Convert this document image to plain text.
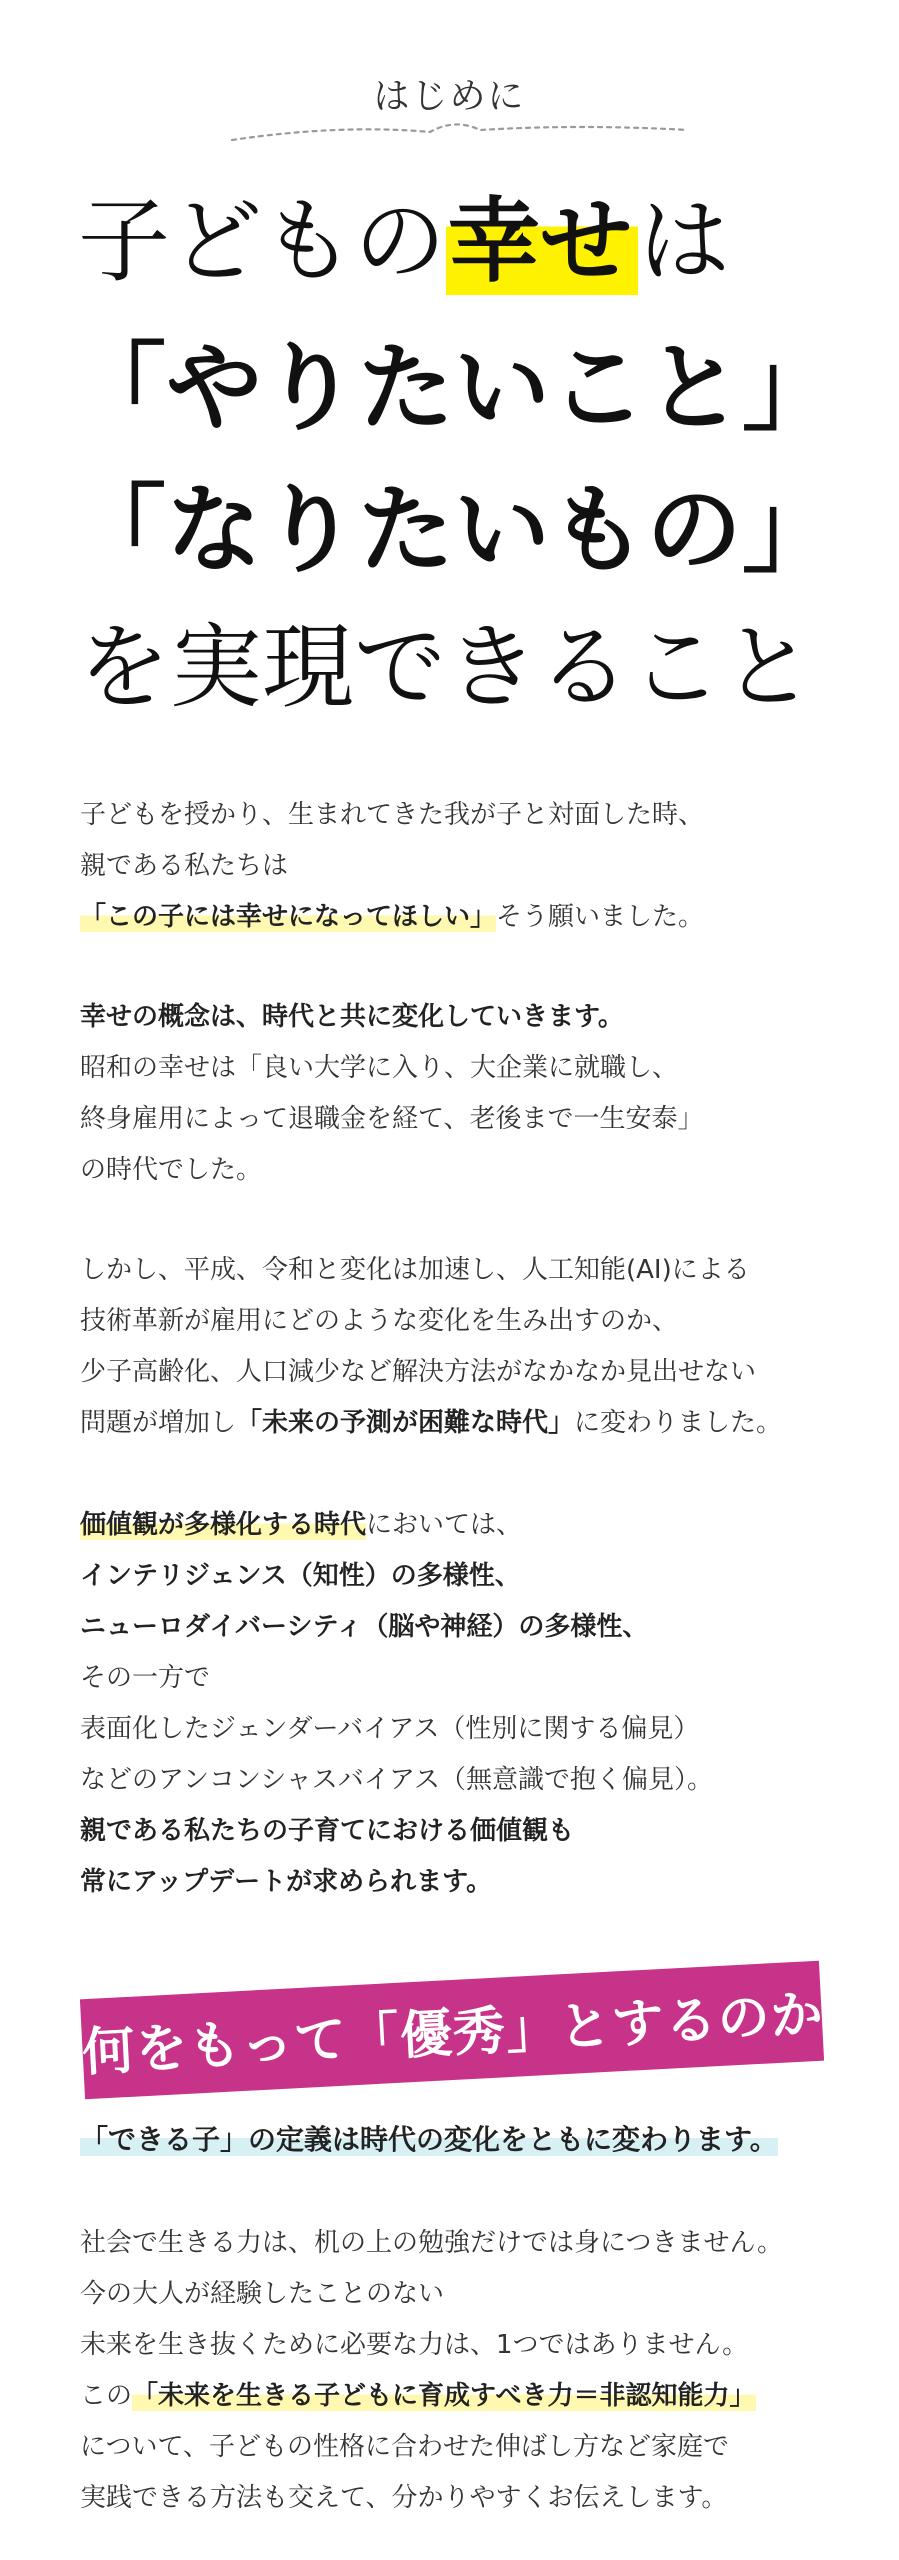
はじめに
子どもの幸せは
「やりたいこと」
「なりたいもの」
を実現できること
子どもを授かり、生まれてきた我が子と対面した時、
親である私たちは
「この子には幸せになってほしい」そう願いました。
幸せの概念は、時代と共に変化していきます。
昭和の幸せは「良い大学に入り、大企業に就職し、
終身雇用によって退職金を経て、老後まで一生安泰」
の時代でした。
しかし、平成、令和と変化は加速し、人工知能(AI)による
技術革新が雇用にどのような変化を生み出すのか、
少子高齢化、人口減少など解決方法がなかなか見出せない
問題が増加し「未来の予測が困難な時代」に変わりました。
価値観が多様化する時代においては、
インテリジェンス（知性）の多様性、
ニューロダイバーシティ（脳や神経）の多様性、
その一方で
表面化したジェンダーバイアス（性別に関する偏見）
などのアンコンシャスバイアス（無意識で抱く偏見）。
親である私たちの子育てにおける価値観も
常にアップデートが求められます。
何をもって「優秀」とするのか
「できる子」の定義は時代の変化をともに変わります。
社会で生きる力は、机の上の勉強だけでは身につきません。
今の大人が経験したことのない
未来を生き抜くために必要な力は、1つではありません。
この「未来を生きる子どもに育成すべき力＝非認知能力」
について、子どもの性格に合わせた伸ばし方など家庭で
実践できる方法も交えて、分かりやすくお伝えします。
